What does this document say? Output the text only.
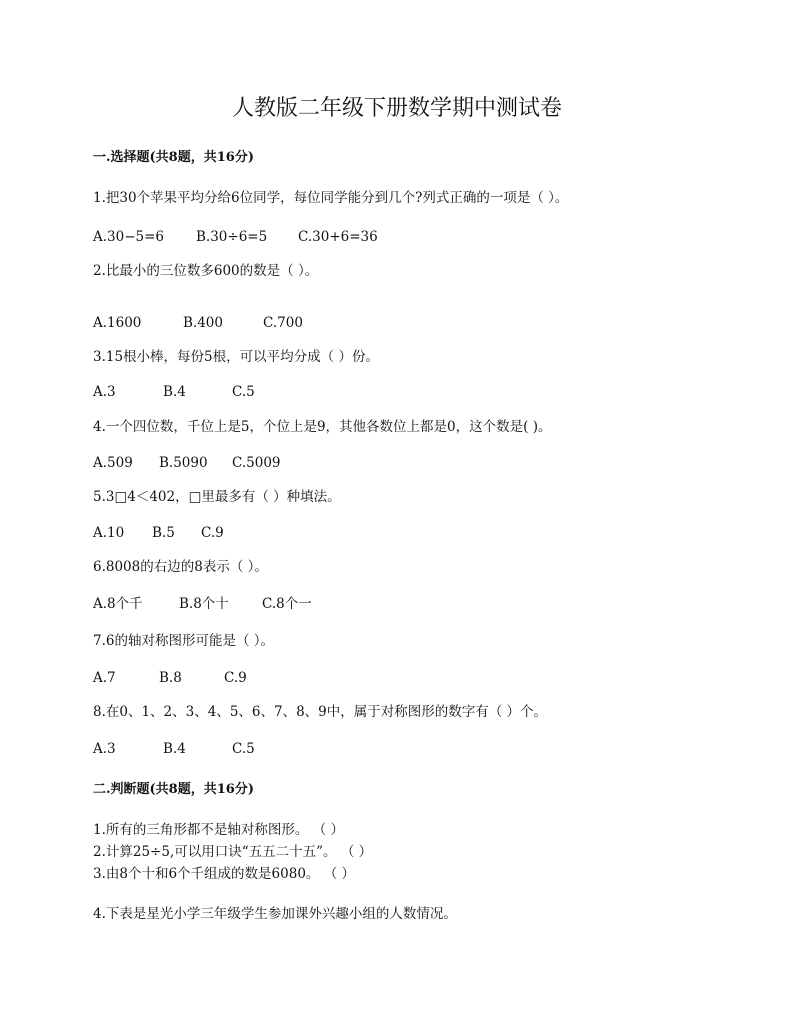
人教版二年级下册数学期中测试卷
一.选择题(共8题，共16分)
1.把30个苹果平均分给6位同学，每位同学能分到几个?列式正确的一项是（ ）。
A.30−5=6 B.30÷6=5 C.30+6=36
2.比最小的三位数多600的数是（ ）。
A.1600	B.400	C.700
3.15根小棒，每份5根，可以平均分成（ ）份。
A.3	B.4	C.5
4.一个四位数，千位上是5，个位上是9，其他各数位上都是0，这个数是( )。
A.509 B.5090 C.5009
5.3□4＜402，□里最多有（ ）种填法。
A.10 B.5 C.9
6.8008的右边的8表示（ ）。
A.8个千	B.8个十 C.8个一
7.6的轴对称图形可能是（ ）。
A.7	B.8	C.9
8.在0、1、2、3、4、5、6、7、8、9中，属于对称图形的数字有（ ）个。
A.3	B.4	C.5
二.判断题(共8题，共16分)
1.所有的三角形都不是轴对称图形。 （ ）
2.计算25÷5,可以用口诀“五五二十五”。 （ ）
3.由8个十和6个千组成的数是6080。 （ ）
4.下表是星光小学三年级学生参加课外兴趣小组的人数情况。
